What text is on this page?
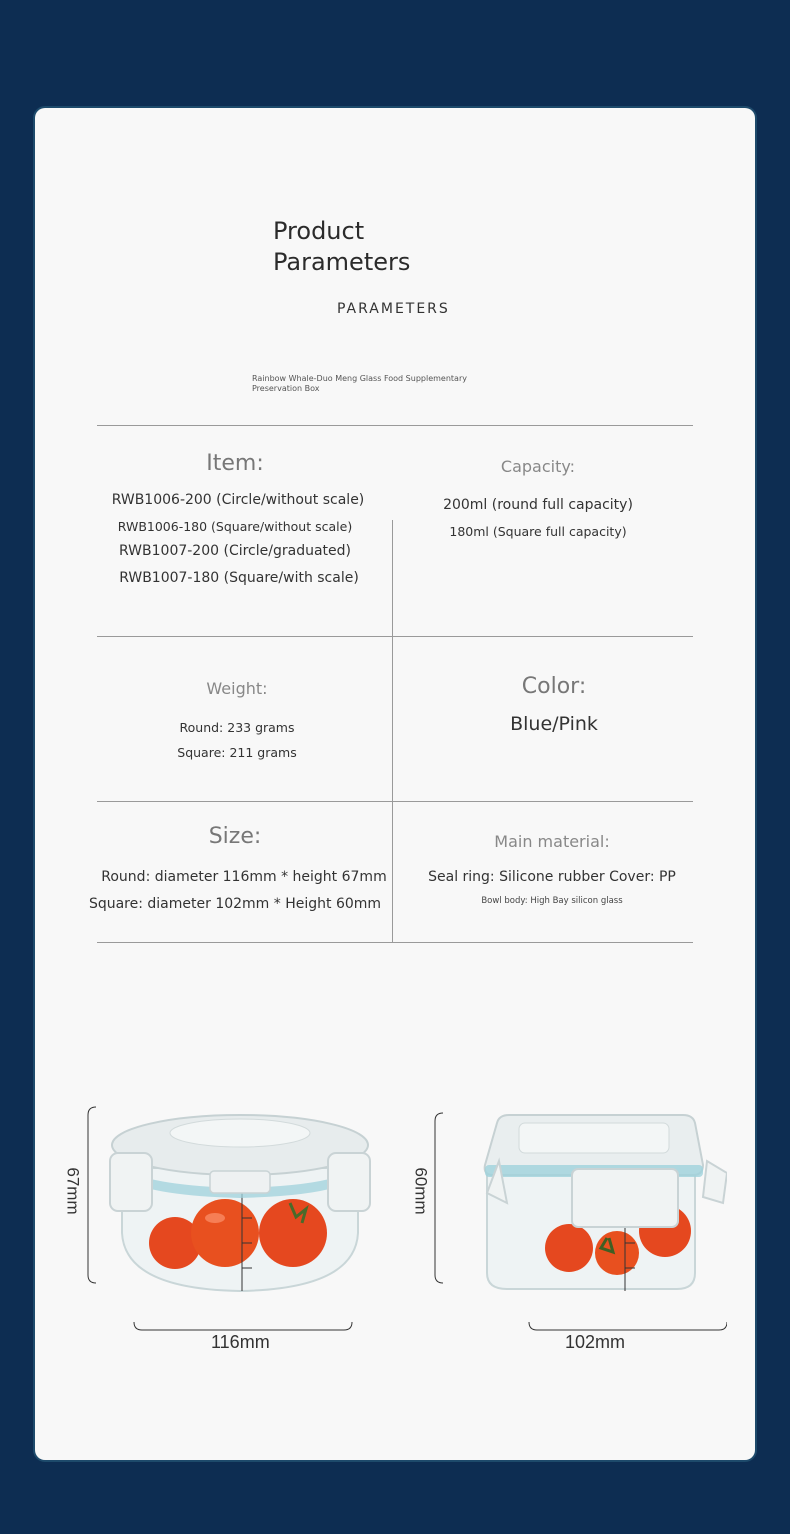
Product
Parameters
PARAMETERS
Rainbow Whale-Duo Meng Glass Food Supplementary
Preservation Box
Item:
RWB1006-200 (Circle/without scale)
RWB1006-180 (Square/without scale)
RWB1007-200 (Circle/graduated)
RWB1007-180 (Square/with scale)
Capacity:
200ml (round full capacity)
180ml (Square full capacity)
Weight:
Round: 233 grams
Square: 211 grams
Color:
Blue/Pink
Size:
Round: diameter 116mm * height 67mm
Square: diameter 102mm * Height 60mm
Main material:
Seal ring: Silicone rubber Cover: PP
Bowl body: High Bay silicon glass
67mm
116mm
60mm
102mm
